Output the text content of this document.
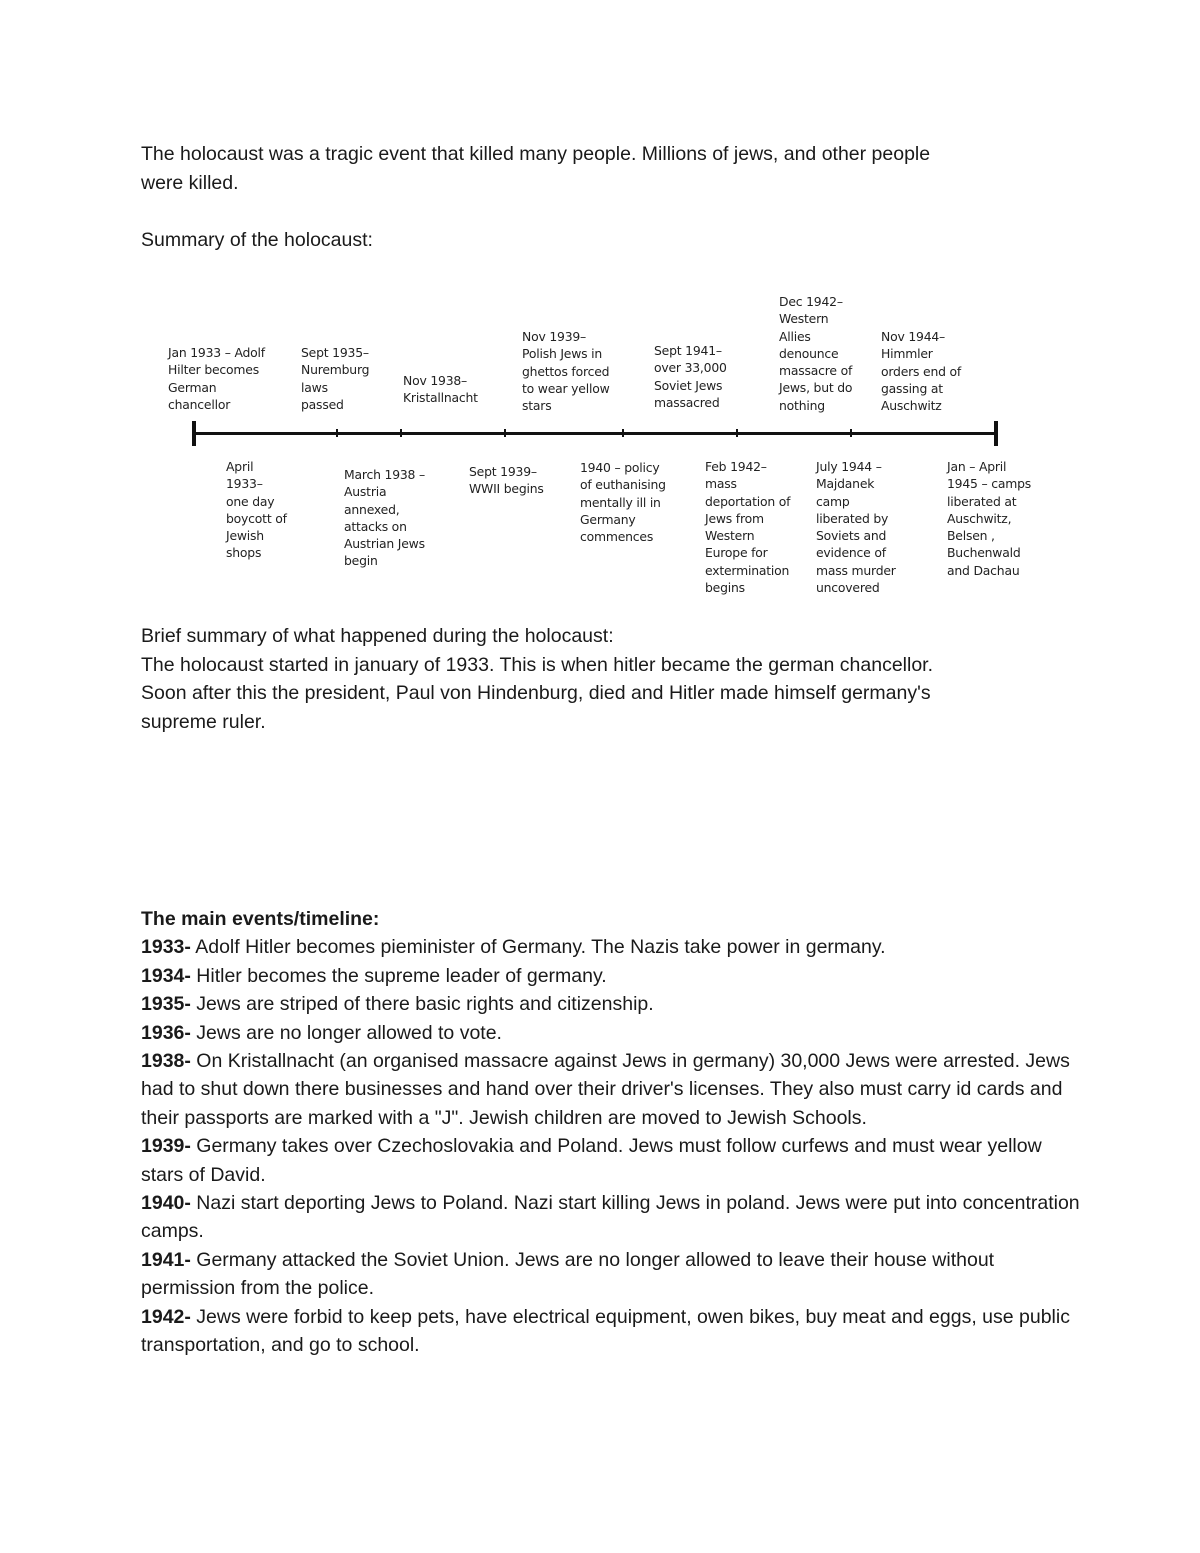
The holocaust was a tragic event that killed many people. Millions of jews, and other people
were killed.

Summary of the holocaust:

Jan 1933 – Adolf
Hilter becomes
German
chancellor
Sept 1935–
Nuremburg
laws
passed
Nov 1938–
Kristallnacht
Nov 1939–
Polish Jews in
ghettos forced
to wear yellow
stars
Sept 1941–
over 33,000
Soviet Jews
massacred
Dec 1942–
Western
Allies
denounce
massacre of
Jews, but do
nothing
Nov 1944–
Himmler
orders end of
gassing at
Auschwitz
April
1933–
one day
boycott of
Jewish
shops
March 1938 –
Austria
annexed,
attacks on
Austrian Jews
begin
Sept 1939–
WWII begins
1940 – policy
of euthanising
mentally ill in
Germany
commences
Feb 1942–
mass
deportation of
Jews from
Western
Europe for
extermination
begins
July 1944 –
Majdanek
camp
liberated by
Soviets and
evidence of
mass murder
uncovered
Jan – April
1945 – camps
liberated at
Auschwitz,
Belsen ,
Buchenwald
and Dachau

Brief summary of what happened during the holocaust:
The holocaust started in january of 1933. This is when hitler became the german chancellor.
Soon after this the president, Paul von Hindenburg, died and Hitler made himself germany's
supreme ruler.

The main events/timeline:

1933- Adolf Hitler becomes pieminister of Germany. The Nazis take power in germany.

1934- Hitler becomes the supreme leader of germany.

1935- Jews are striped of there basic rights and citizenship.

1936- Jews are no longer allowed to vote.

1938- On Kristallnacht (an organised massacre against Jews in germany) 30,000 Jews were arrested. Jews had to shut down there businesses and hand over their driver's licenses. They also must carry id cards and their passports are marked with a "J". Jewish children are moved to Jewish Schools.

1939- Germany takes over Czechoslovakia and Poland. Jews must follow curfews and must wear yellow stars of David.

1940- Nazi start deporting Jews to Poland. Nazi start killing Jews in poland. Jews were put into concentration camps.

1941- Germany attacked the Soviet Union. Jews are no longer allowed to leave their house without permission from the police.

1942- Jews were forbid to keep pets, have electrical equipment, owen bikes, buy meat and eggs, use public transportation, and go to school.
